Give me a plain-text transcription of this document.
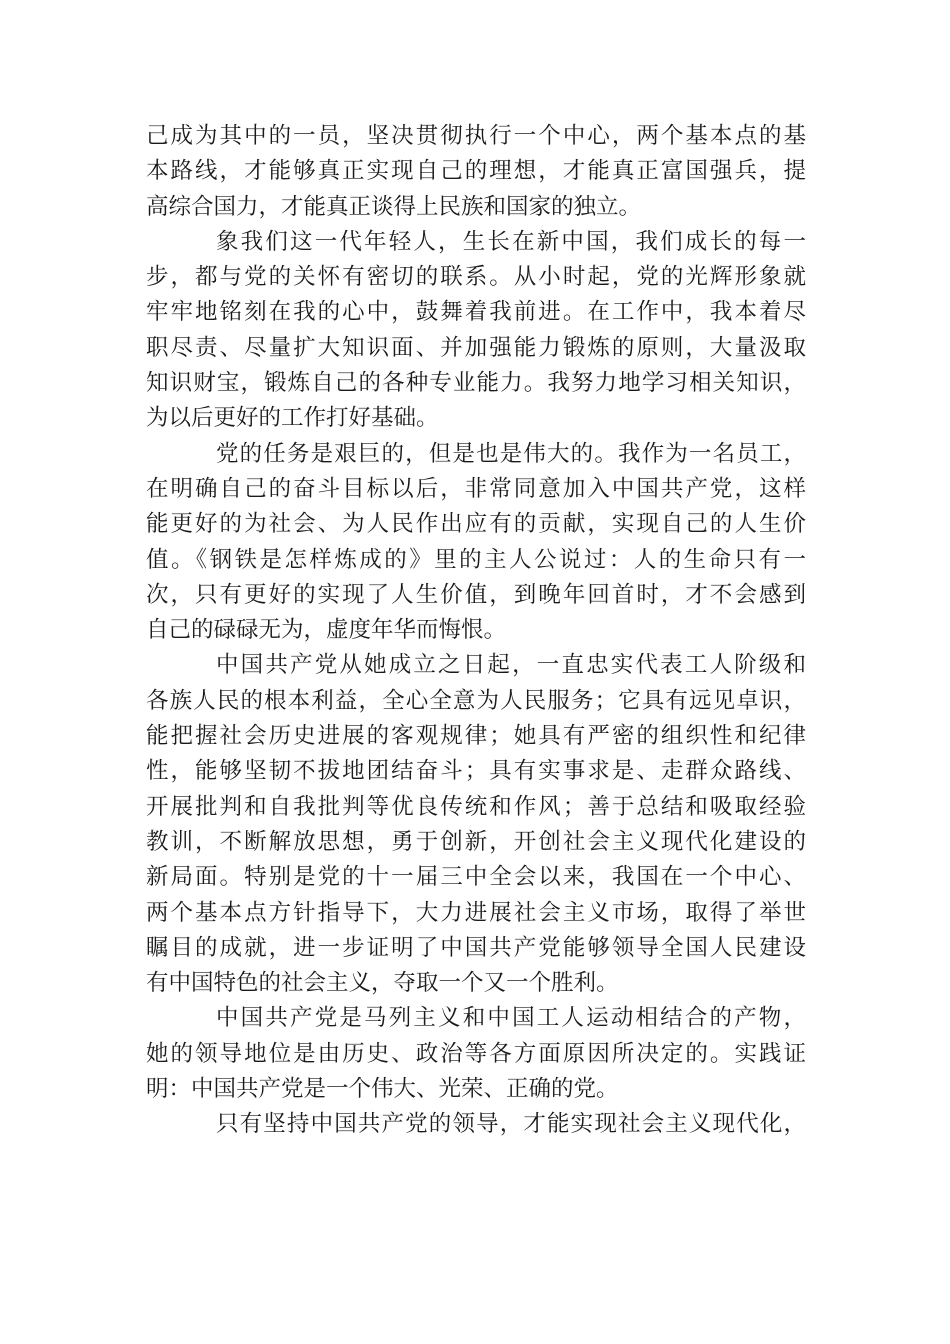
己成为其中的一员，坚决贯彻执行一个中心，两个基本点的基
本路线，才能够真正实现自己的理想，才能真正富国强兵，提
高综合国力，才能真正谈得上民族和国家的独立。
象我们这一代年轻人，生长在新中国，我们成长的每一
步，都与党的关怀有密切的联系。从小时起，党的光辉形象就
牢牢地铭刻在我的心中，鼓舞着我前进。在工作中，我本着尽
职尽责、尽量扩大知识面、并加强能力锻炼的原则，大量汲取
知识财宝，锻炼自己的各种专业能力。我努力地学习相关知识，
为以后更好的工作打好基础。
党的任务是艰巨的，但是也是伟大的。我作为一名员工，
在明确自己的奋斗目标以后，非常同意加入中国共产党，这样
能更好的为社会、为人民作出应有的贡献，实现自己的人生价
值。《钢铁是怎样炼成的》里的主人公说过：人的生命只有一
次，只有更好的实现了人生价值，到晚年回首时，才不会感到
自己的碌碌无为，虚度年华而悔恨。
中国共产党从她成立之日起，一直忠实代表工人阶级和
各族人民的根本利益，全心全意为人民服务；它具有远见卓识，
能把握社会历史进展的客观规律；她具有严密的组织性和纪律
性，能够坚韧不拔地团结奋斗；具有实事求是、走群众路线、
开展批判和自我批判等优良传统和作风；善于总结和吸取经验
教训，不断解放思想，勇于创新，开创社会主义现代化建设的
新局面。特别是党的十一届三中全会以来，我国在一个中心、
两个基本点方针指导下，大力进展社会主义市场，取得了举世
瞩目的成就，进一步证明了中国共产党能够领导全国人民建设
有中国特色的社会主义，夺取一个又一个胜利。
中国共产党是马列主义和中国工人运动相结合的产物，
她的领导地位是由历史、政治等各方面原因所决定的。实践证
明：中国共产党是一个伟大、光荣、正确的党。
只有坚持中国共产党的领导，才能实现社会主义现代化，
